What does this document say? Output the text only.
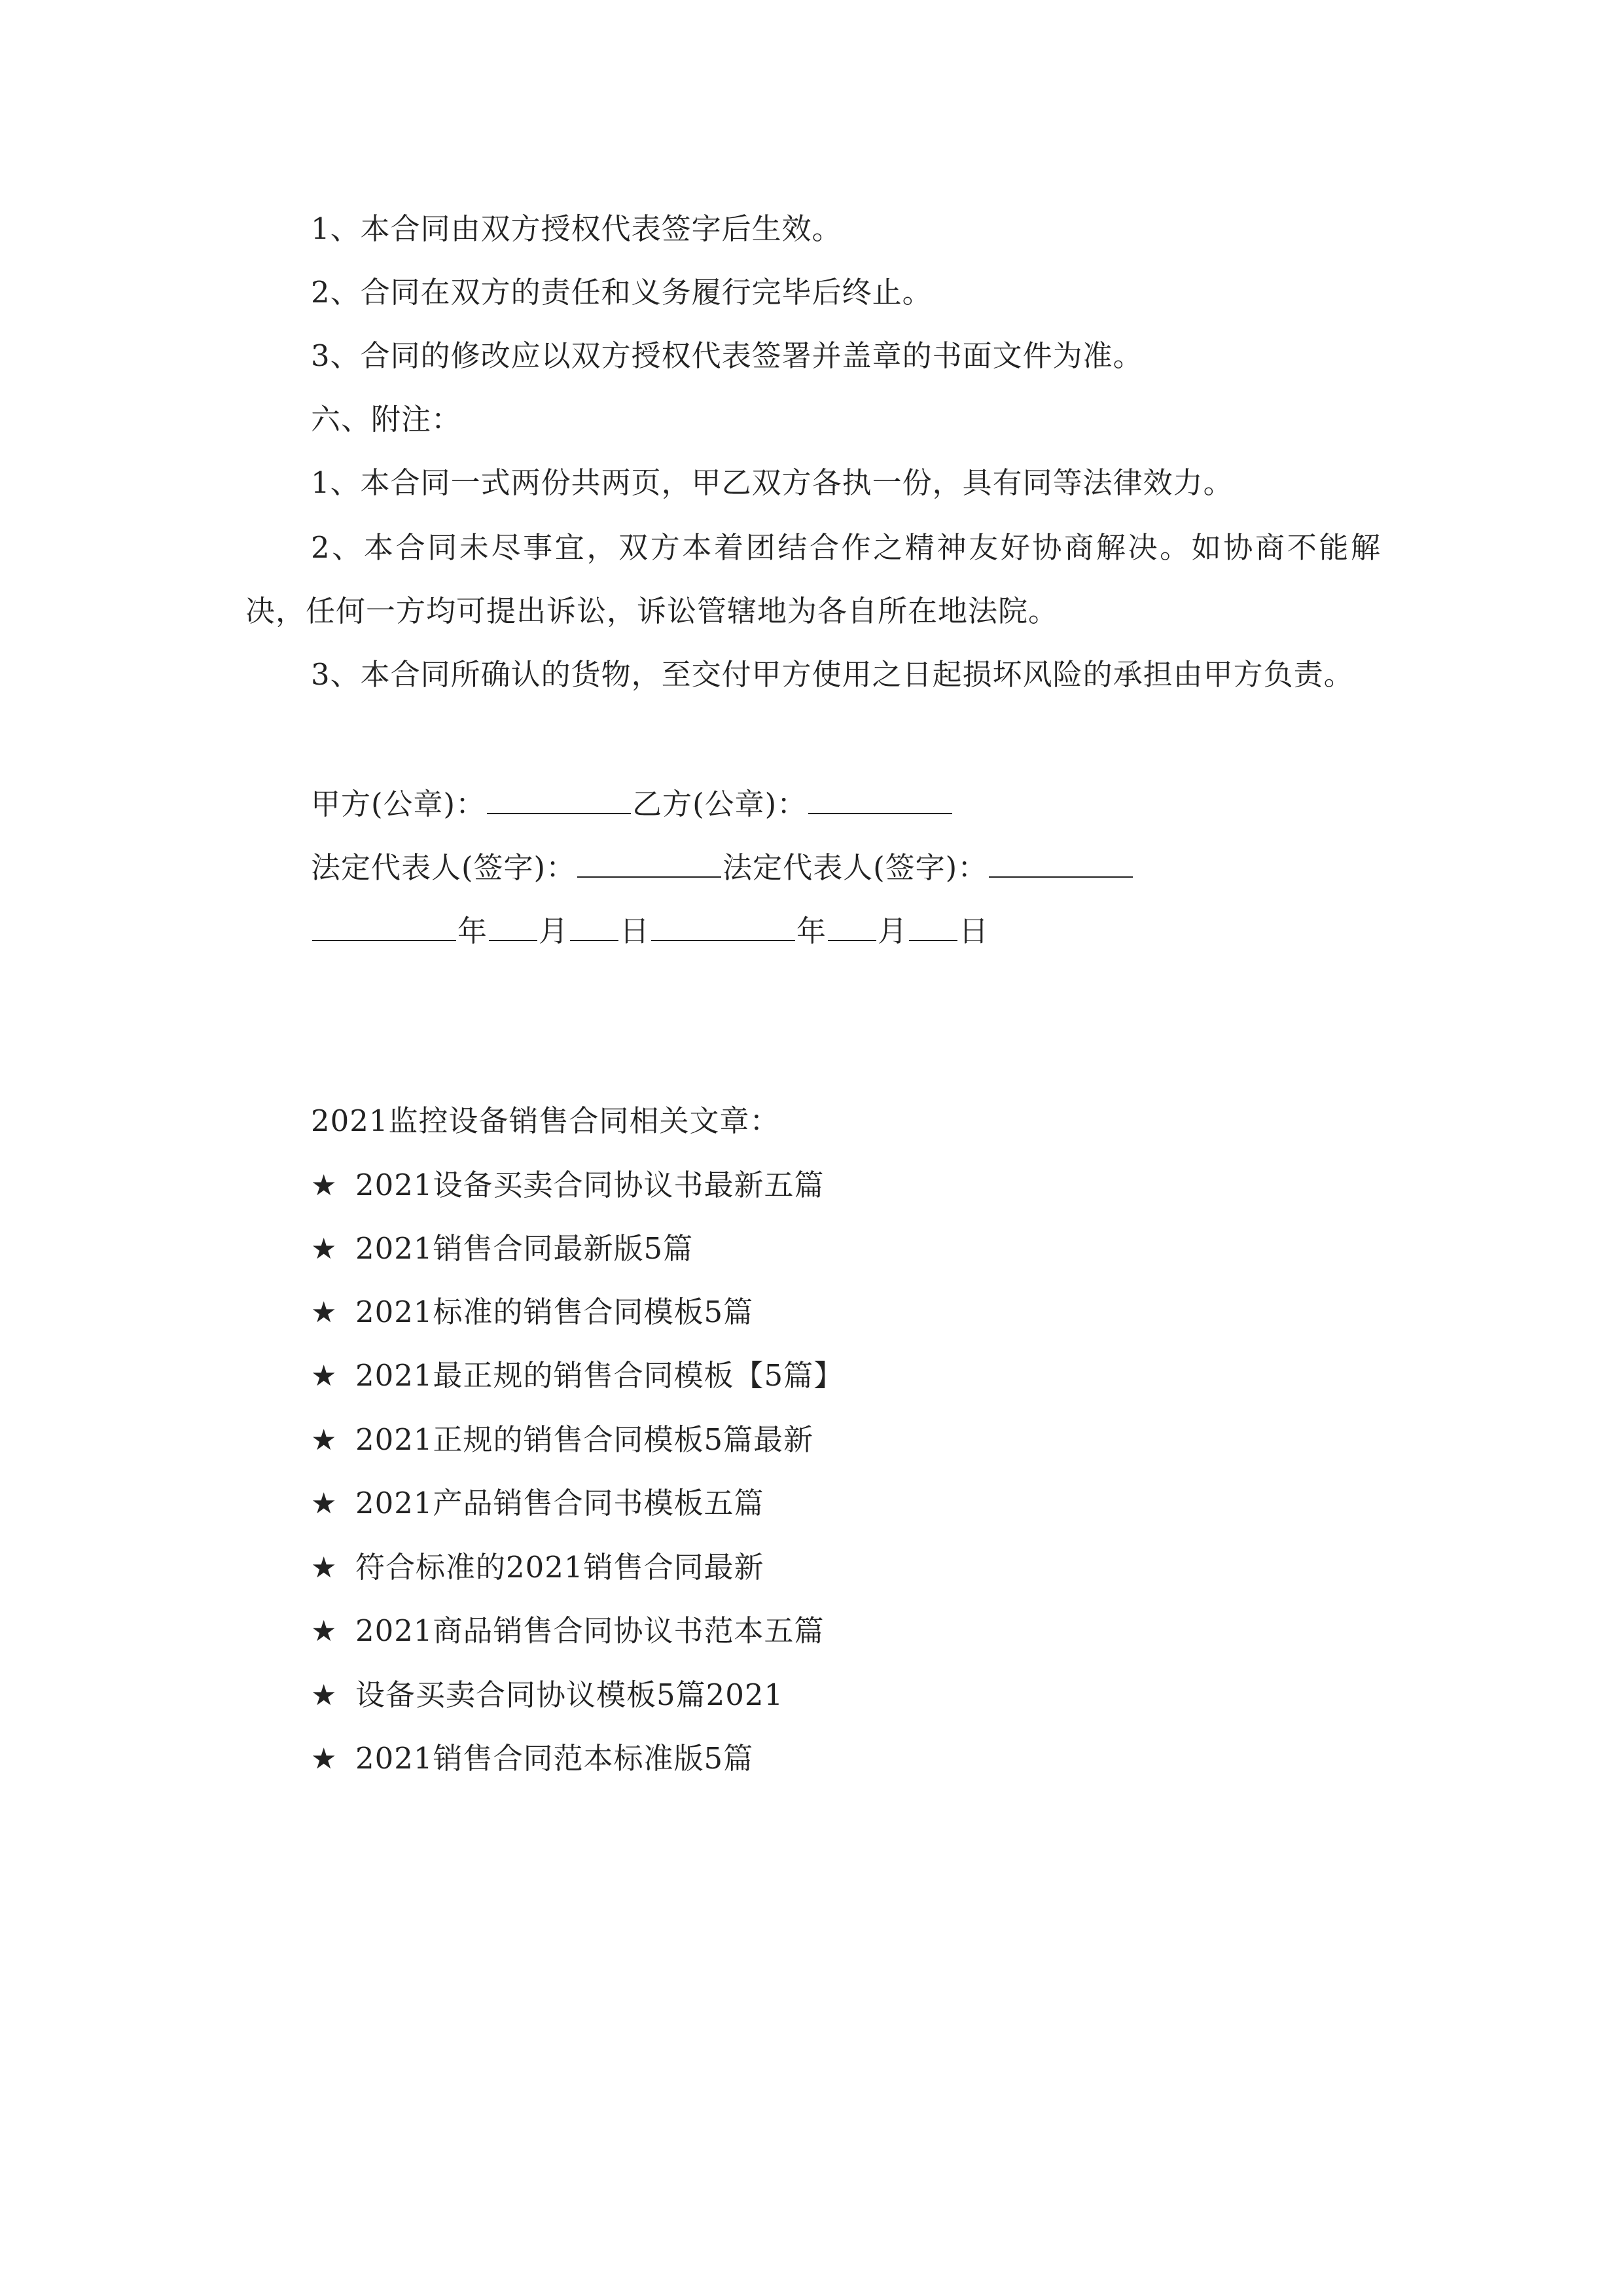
1、本合同由双方授权代表签字后生效。
2、合同在双方的责任和义务履行完毕后终止。
3、合同的修改应以双方授权代表签署并盖章的书面文件为准。
六、附注：
1、本合同一式两份共两页，甲乙双方各执一份，具有同等法律效力。
2、本合同未尽事宜，双方本着团结合作之精神友好协商解决。如协商不能解决，任何一方均可提出诉讼，诉讼管辖地为各自所在地法院。
3、本合同所确认的货物，至交付甲方使用之日起损坏风险的承担由甲方负责。
甲方(公章)：	乙方(公章)：
法定代表人(签字)：	法定代表人(签字)：
年 月 日	年 月 日
2021监控设备销售合同相关文章：
★ 2021设备买卖合同协议书最新五篇
★ 2021销售合同最新版5篇
★ 2021标准的销售合同模板5篇
★ 2021最正规的销售合同模板【5篇】
★ 2021正规的销售合同模板5篇最新
★ 2021产品销售合同书模板五篇
★ 符合标准的2021销售合同最新
★ 2021商品销售合同协议书范本五篇
★ 设备买卖合同协议模板5篇2021
★ 2021销售合同范本标准版5篇
